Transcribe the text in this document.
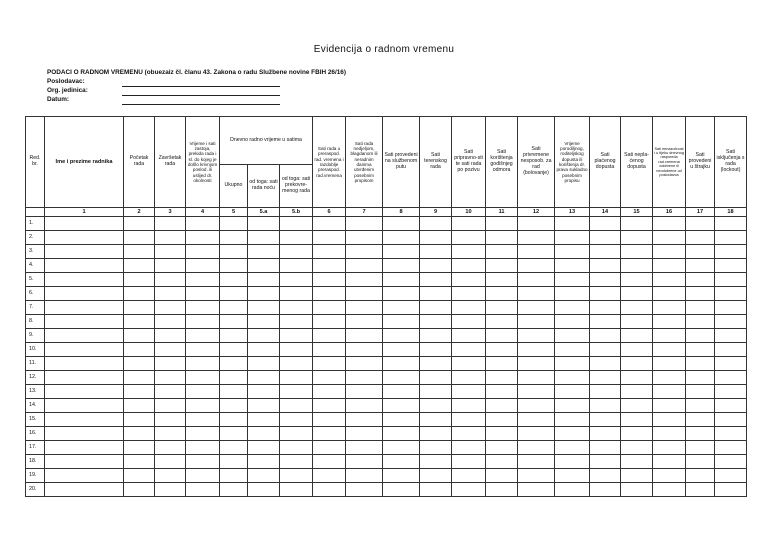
Evidencija o radnom vremenu
PODACI O RADNOM VREMENU (obuezaiz čl. članu 43. Zakona o radu Službene novine FBIH 26/16)
Poslodavac:
Org. jedinica:
Datum:
Red. br.	Ime i prezime radnika	Početak rada	Završetak rada	Vrijeme i sati zastoja, prekida rada i sl. do kojeg je došlo krivnjom poslod. ili uslijed dr. okolnosti	Dnevno radno vrijeme u satima			Sati rada u preraspod. rad. vremena i razdoblje preraspod. rad.vremena	Sati rada nedjeljom, blagdanom ili neradnim danima utvrđenim posebnim propisom	Sati provedeni na službenom putu	Sati terenskog rada	Sati pripravno-sti te sati rada po pozivu	Sati korištenja godišnjeg odmora	Sati privremene nesposob. za rad (bolovanje)	Vrijeme porodiljnog, roditeljskog dopusta ili korištenja dr. prava sukladno posebnim propisu	Sati plaćenog dopusta	Sati nepla-ćenog dopusta	Sati nenazočnost i u tijeku dnevnog rasporeda rad.vremena odobrene ili neodobrene od poslodavca	Sati provedeni u štrajku	Sati isključenja s rada (lockout)
					Ukupno	od toga: sati rada noću	od toga: sati prekovre-menog rada													
	1	2	3	4	5	5.a	5.b	6	7	8	9	10	11	12	13	14	15	16	17	18
1.																				
2.																				
3.																				
4.																				
5.																				
6.																				
7.																				
8.																				
9.																				
10.																				
11.																				
12.																				
13.																				
14.																				
15.																				
16.																				
17.																				
18.																				
19.																				
20.																				
